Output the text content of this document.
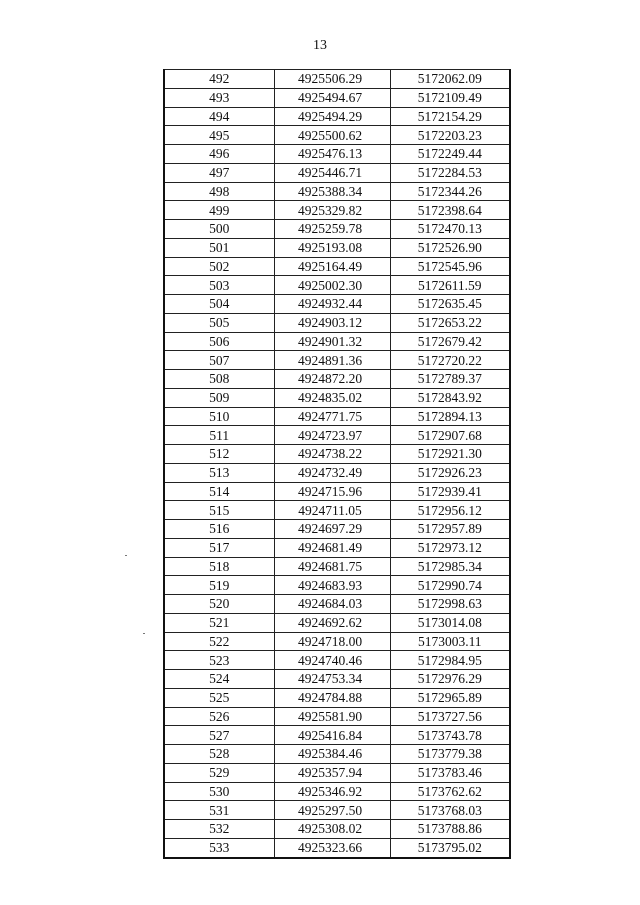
13
492	4925506.29	5172062.09
493	4925494.67	5172109.49
494	4925494.29	5172154.29
495	4925500.62	5172203.23
496	4925476.13	5172249.44
497	4925446.71	5172284.53
498	4925388.34	5172344.26
499	4925329.82	5172398.64
500	4925259.78	5172470.13
501	4925193.08	5172526.90
502	4925164.49	5172545.96
503	4925002.30	5172611.59
504	4924932.44	5172635.45
505	4924903.12	5172653.22
506	4924901.32	5172679.42
507	4924891.36	5172720.22
508	4924872.20	5172789.37
509	4924835.02	5172843.92
510	4924771.75	5172894.13
511	4924723.97	5172907.68
512	4924738.22	5172921.30
513	4924732.49	5172926.23
514	4924715.96	5172939.41
515	4924711.05	5172956.12
516	4924697.29	5172957.89
517	4924681.49	5172973.12
518	4924681.75	5172985.34
519	4924683.93	5172990.74
520	4924684.03	5172998.63
521	4924692.62	5173014.08
522	4924718.00	5173003.11
523	4924740.46	5172984.95
524	4924753.34	5172976.29
525	4924784.88	5172965.89
526	4925581.90	5173727.56
527	4925416.84	5173743.78
528	4925384.46	5173779.38
529	4925357.94	5173783.46
530	4925346.92	5173762.62
531	4925297.50	5173768.03
532	4925308.02	5173788.86
533	4925323.66	5173795.02
